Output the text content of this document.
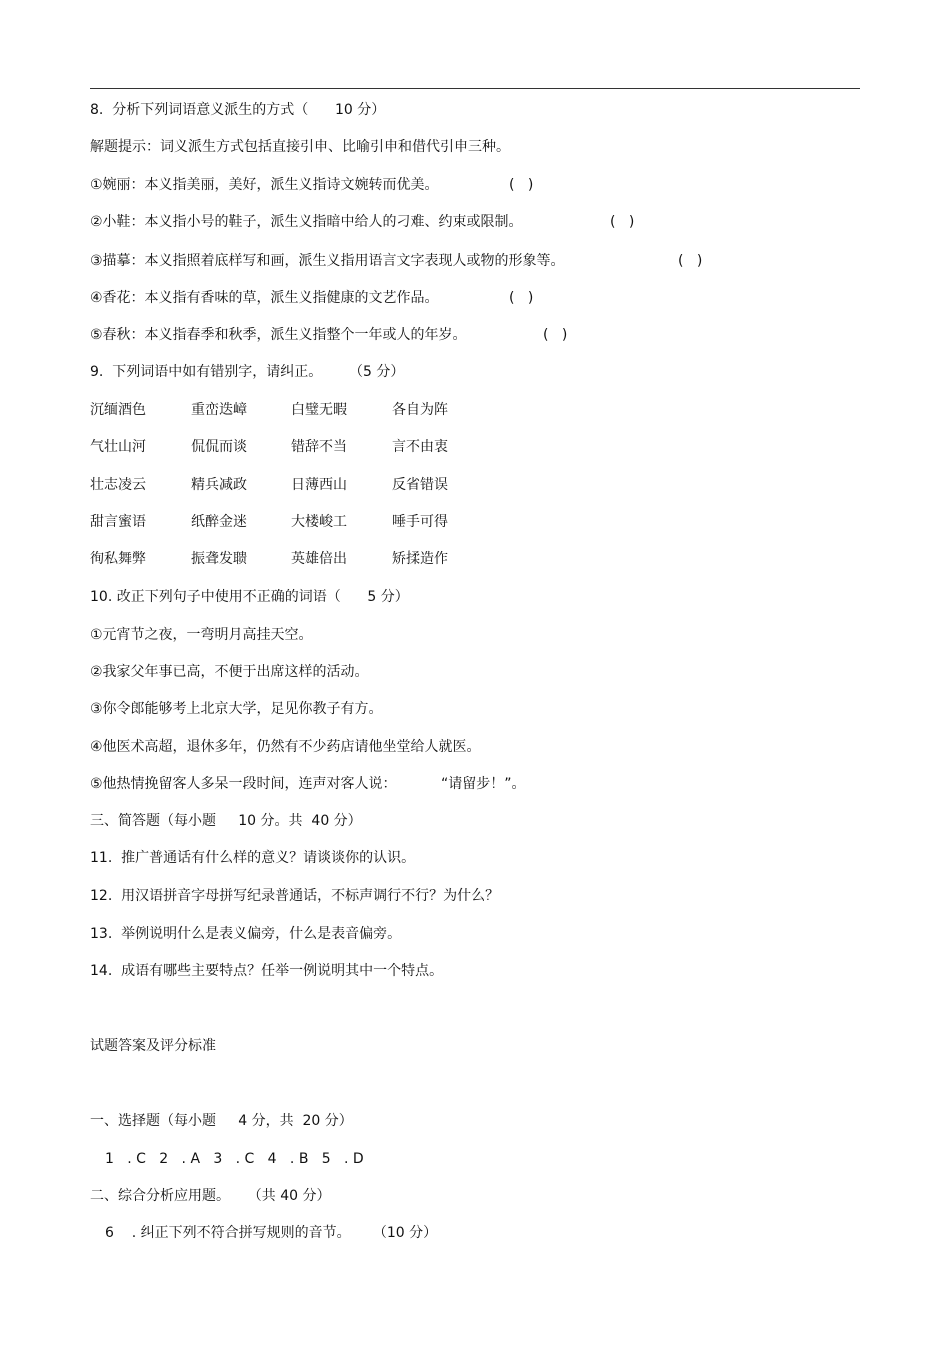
8.  分析下列词语意义派生的方式（      10 分）
解题提示：词义派生方式包括直接引申、比喻引申和借代引申三种。
①婉丽：本义指美丽，美好，派生义指诗文婉转而优美。	(   )
②小鞋：本义指小号的鞋子，派生义指暗中给人的刁难、约束或限制。	(   )
③描摹：本义指照着底样写和画，派生义指用语言文字表现人或物的形象等。	(   )
④香花：本义指有香味的草，派生义指健康的文艺作品。	(   )
⑤春秋：本义指春季和秋季，派生义指整个一年或人的年岁。	(   )
9.  下列词语中如有错别字，请纠正。      （5 分）
沉缅酒色	重峦迭嶂	白璧无暇	各自为阵
气壮山河	侃侃而谈	错辞不当	言不由衷
壮志凌云	精兵减政	日薄西山	反省错误
甜言蜜语	纸醉金迷	大楼峻工	唾手可得
徇私舞弊	振聋发聩	英雄倍出	矫揉造作
10. 改正下列句子中使用不正确的词语（      5 分）
①元宵节之夜，一弯明月高挂天空。
②我家父年事已高，不便于出席这样的活动。
③你令郎能够考上北京大学，足见你教子有方。
④他医术高超，退休多年，仍然有不少药店请他坐堂给人就医。
⑤他热情挽留客人多呆一段时间，连声对客人说：          “请留步！”。
三、简答题（每小题     10 分。共  40 分）
11.  推广普通话有什么样的意义？请谈谈你的认识。
12.  用汉语拼音字母拼写纪录普通话，不标声调行不行？为什么？
13.  举例说明什么是表义偏旁，什么是表音偏旁。
14.  成语有哪些主要特点？任举一例说明其中一个特点。
试题答案及评分标准
一、选择题（每小题     4 分，共  20 分）
1   . C   2   . A   3   . C   4   . B   5   . D
二、综合分析应用题。    （共 40 分）
6    . 纠正下列不符合拼写规则的音节。     （10 分）
